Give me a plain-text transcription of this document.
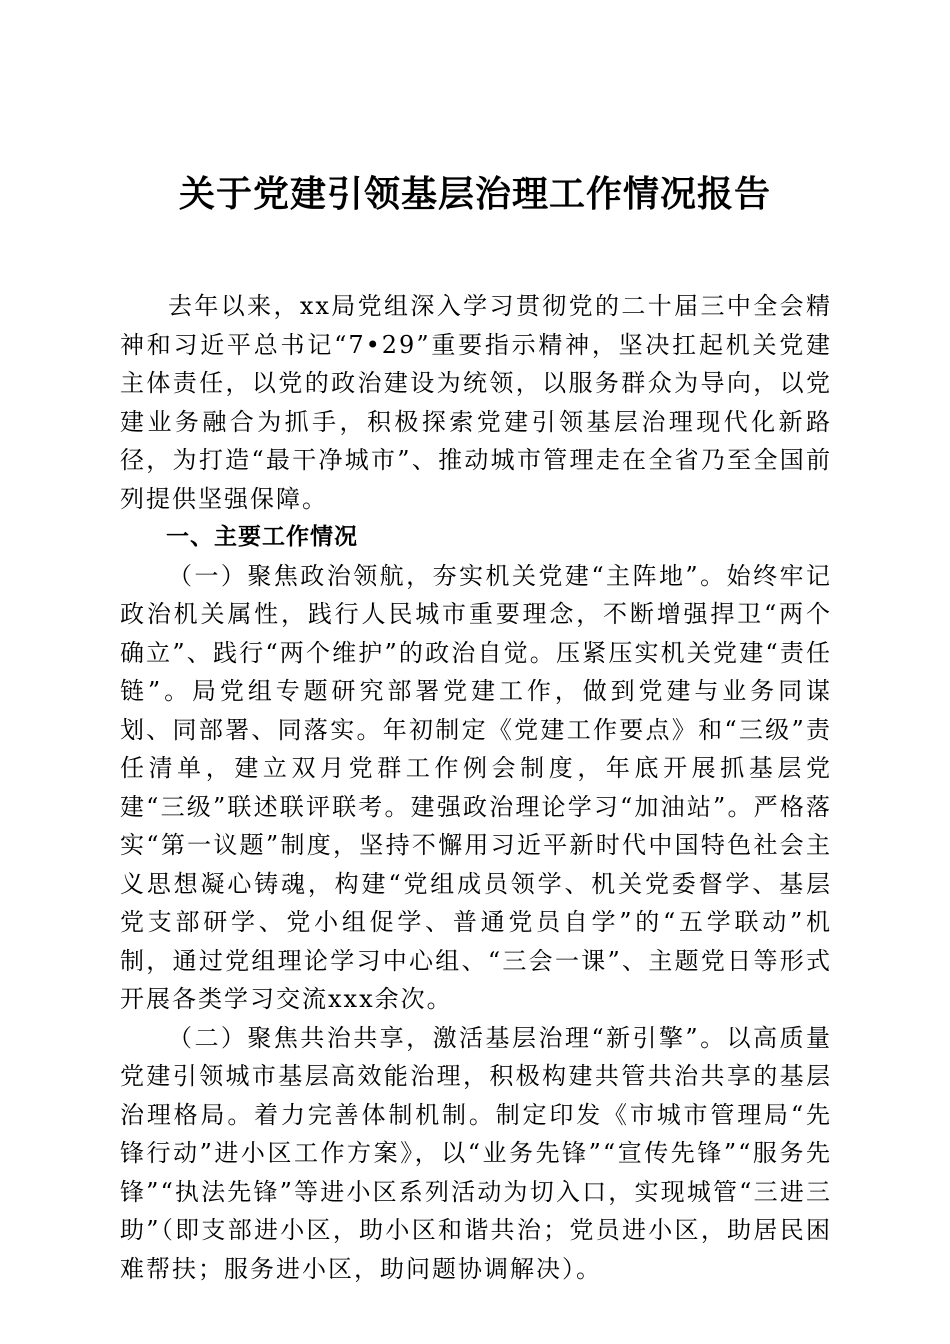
关于党建引领基层治理工作情况报告

去年以来，xx局党组深入学习贯彻党的二十届三中全会精神和习近平总书记“7•29”重要指示精神，坚决扛起机关党建主体责任，以党的政治建设为统领，以服务群众为导向，以党建业务融合为抓手，积极探索党建引领基层治理现代化新路径，为打造“最干净城市”、推动城市管理走在全省乃至全国前列提供坚强保障。

一、主要工作情况

（一）聚焦政治领航，夯实机关党建“主阵地”。始终牢记政治机关属性，践行人民城市重要理念，不断增强捍卫“两个确立”、践行“两个维护”的政治自觉。压紧压实机关党建“责任链”。局党组专题研究部署党建工作，做到党建与业务同谋划、同部署、同落实。年初制定《党建工作要点》和“三级”责任清单，建立双月党群工作例会制度，年底开展抓基层党建“三级”联述联评联考。建强政治理论学习“加油站”。严格落实“第一议题”制度，坚持不懈用习近平新时代中国特色社会主义思想凝心铸魂，构建“党组成员领学、机关党委督学、基层党支部研学、党小组促学、普通党员自学”的“五学联动”机制，通过党组理论学习中心组、“三会一课”、主题党日等形式开展各类学习交流xxx余次。

（二）聚焦共治共享，激活基层治理“新引擎”。以高质量党建引领城市基层高效能治理，积极构建共管共治共享的基层治理格局。着力完善体制机制。制定印发《市城市管理局“先锋行动”进小区工作方案》，以“业务先锋”“宣传先锋”“服务先锋”“执法先锋”等进小区系列活动为切入口，实现城管“三进三助”（即支部进小区，助小区和谐共治；党员进小区，助居民困难帮扶；服务进小区，助问题协调解决）。
